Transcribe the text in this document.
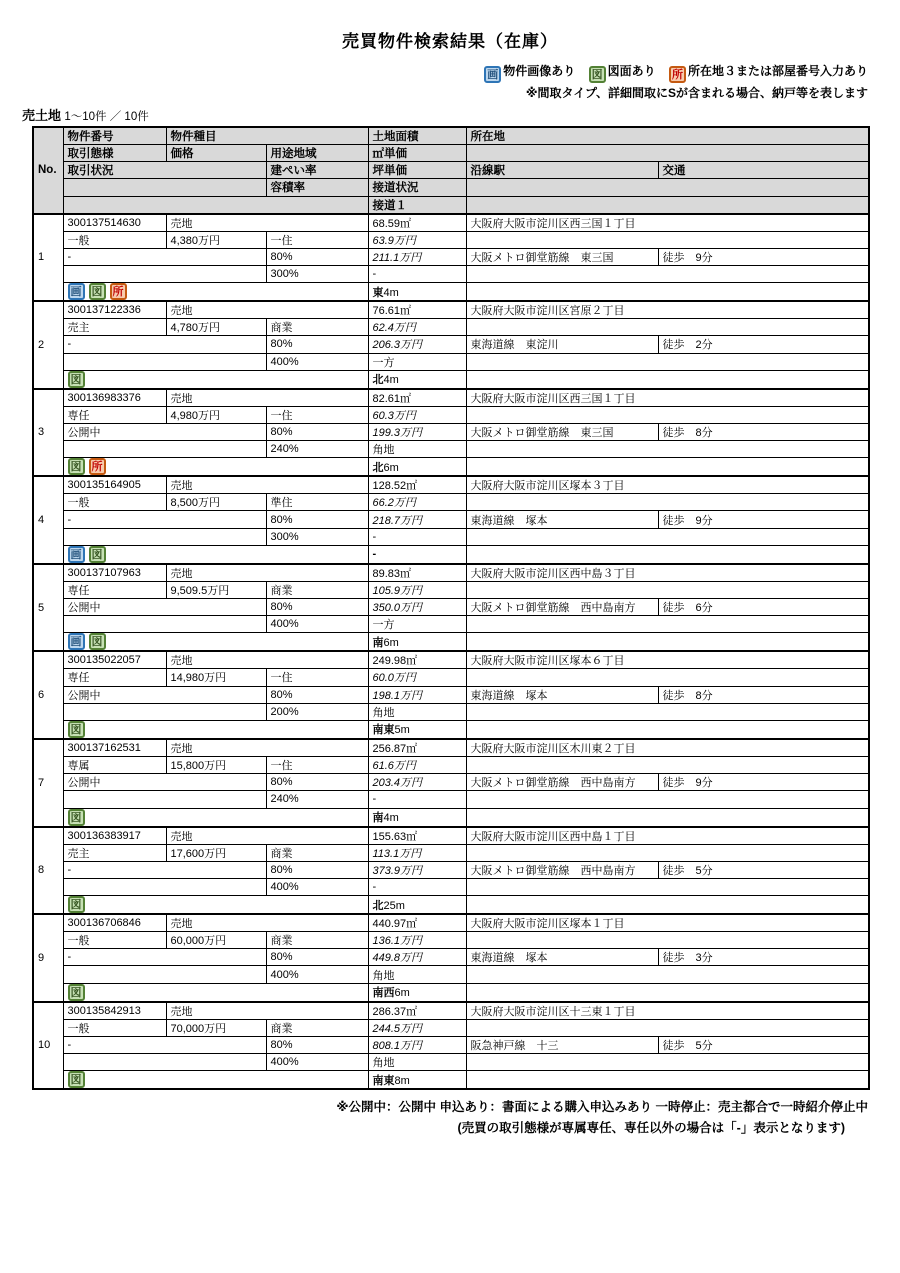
売買物件検索結果（在庫）
画 物件画像あり 図 図面あり 所 所在地３または部屋番号入力あり
※間取タイプ、詳細間取にSが含まれる場合、納戸等を表します
売土地 1〜10件 ／ 10件
No.	物件番号	物件種目		土地面積	所在地	
	取引態様	価格	用途地域	㎡単価		
	取引状況		建ぺい率	坪単価	沿線駅	交通
			容積率	接道状況		
				接道１		
1	300137514630	売地		68.59㎡	大阪府大阪市淀川区西三国１丁目	
	一般	4,380万円	一住	63.9万円		
	-		80%	211.1万円	大阪メトロ御堂筋線　東三国	徒歩　9分
			300%	-		
	画 図 所			東4m		
2	300137122336	売地		76.61㎡	大阪府大阪市淀川区宮原２丁目	
	売主	4,780万円	商業	62.4万円		
	-		80%	206.3万円	東海道線　東淀川	徒歩　2分
			400%	一方		
	図			北4m		
3	300136983376	売地		82.61㎡	大阪府大阪市淀川区西三国１丁目	
	専任	4,980万円	一住	60.3万円		
	公開中		80%	199.3万円	大阪メトロ御堂筋線　東三国	徒歩　8分
			240%	角地		
	図 所			北6m		
4	300135164905	売地		128.52㎡	大阪府大阪市淀川区塚本３丁目	
	一般	8,500万円	準住	66.2万円		
	-		80%	218.7万円	東海道線　塚本	徒歩　9分
			300%	-		
	画 図			-		
5	300137107963	売地		89.83㎡	大阪府大阪市淀川区西中島３丁目	
	専任	9,509.5万円	商業	105.9万円		
	公開中		80%	350.0万円	大阪メトロ御堂筋線　西中島南方	徒歩　6分
			400%	一方		
	画 図			南6m		
6	300135022057	売地		249.98㎡	大阪府大阪市淀川区塚本６丁目	
	専任	14,980万円	一住	60.0万円		
	公開中		80%	198.1万円	東海道線　塚本	徒歩　8分
			200%	角地		
	図			南東5m		
7	300137162531	売地		256.87㎡	大阪府大阪市淀川区木川東２丁目	
	専属	15,800万円	一住	61.6万円		
	公開中		80%	203.4万円	大阪メトロ御堂筋線　西中島南方	徒歩　9分
			240%	-		
	図			南4m		
8	300136383917	売地		155.63㎡	大阪府大阪市淀川区西中島１丁目	
	売主	17,600万円	商業	113.1万円		
	-		80%	373.9万円	大阪メトロ御堂筋線　西中島南方	徒歩　5分
			400%	-		
	図			北25m		
9	300136706846	売地		440.97㎡	大阪府大阪市淀川区塚本１丁目	
	一般	60,000万円	商業	136.1万円		
	-		80%	449.8万円	東海道線　塚本	徒歩　3分
			400%	角地		
	図			南西6m		
10	300135842913	売地		286.37㎡	大阪府大阪市淀川区十三東１丁目	
	一般	70,000万円	商業	244.5万円		
	-		80%	808.1万円	阪急神戸線　十三	徒歩　5分
			400%	角地		
	図			南東8m		
※公開中：公開中 申込あり：書面による購入申込みあり 一時停止：売主都合で一時紹介停止中
(売買の取引態様が専属専任、専任以外の場合は「-」表示となります)
